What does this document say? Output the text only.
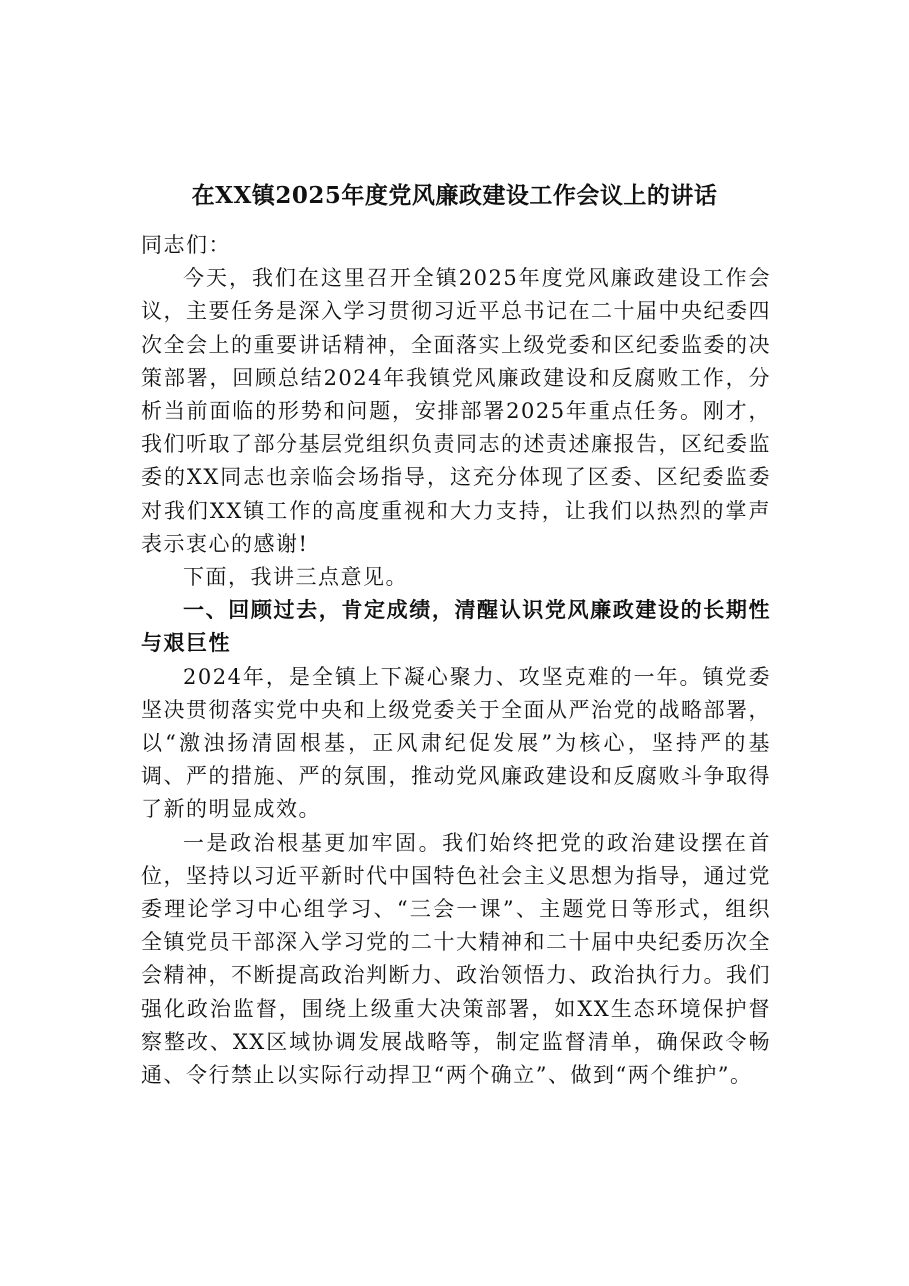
在XX镇2025年度党风廉政建设工作会议上的讲话

同志们：

今天，我们在这里召开全镇2025年度党风廉政建设工作会议，主要任务是深入学习贯彻习近平总书记在二十届中央纪委四次全会上的重要讲话精神，全面落实上级党委和区纪委监委的决策部署，回顾总结2024年我镇党风廉政建设和反腐败工作，分析当前面临的形势和问题，安排部署2025年重点任务。刚才，我们听取了部分基层党组织负责同志的述责述廉报告，区纪委监委的XX同志也亲临会场指导，这充分体现了区委、区纪委监委对我们XX镇工作的高度重视和大力支持，让我们以热烈的掌声表示衷心的感谢!

下面，我讲三点意见。

一、回顾过去，肯定成绩，清醒认识党风廉政建设的长期性与艰巨性

2024年，是全镇上下凝心聚力、攻坚克难的一年。镇党委坚决贯彻落实党中央和上级党委关于全面从严治党的战略部署，以“激浊扬清固根基，正风肃纪促发展”为核心，坚持严的基调、严的措施、严的氛围，推动党风廉政建设和反腐败斗争取得了新的明显成效。

一是政治根基更加牢固。我们始终把党的政治建设摆在首位，坚持以习近平新时代中国特色社会主义思想为指导，通过党委理论学习中心组学习、“三会一课”、主题党日等形式，组织全镇党员干部深入学习党的二十大精神和二十届中央纪委历次全会精神，不断提高政治判断力、政治领悟力、政治执行力。我们强化政治监督，围绕上级重大决策部署，如XX生态环境保护督察整改、XX区域协调发展战略等，制定监督清单，确保政令畅通、令行禁止以实际行动捍卫“两个确立”、做到“两个维护”。
